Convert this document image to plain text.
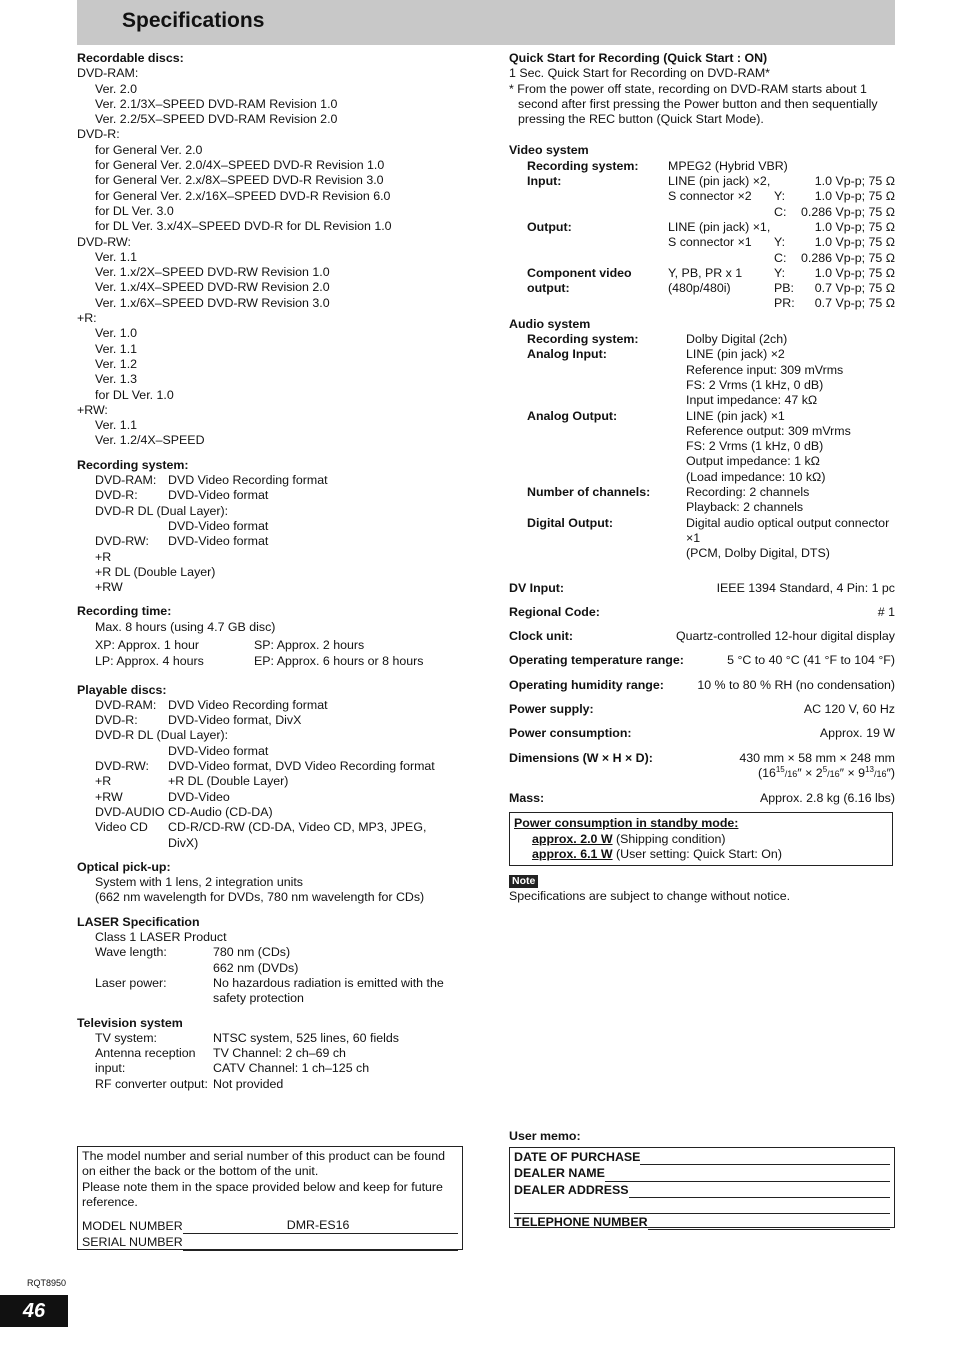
Specifications
Recordable discs:
DVD-RAM:
Ver. 2.0
Ver. 2.1/3X–SPEED DVD-RAM Revision 1.0
Ver. 2.2/5X–SPEED DVD-RAM Revision 2.0
DVD-R:
for General Ver. 2.0
for General Ver. 2.0/4X–SPEED DVD-R Revision 1.0
for General Ver. 2.x/8X–SPEED DVD-R Revision 3.0
for General Ver. 2.x/16X–SPEED DVD-R Revision 6.0
for DL Ver. 3.0
for DL Ver. 3.x/4X–SPEED DVD-R for DL Revision 1.0
DVD-RW:
Ver. 1.1
Ver. 1.x/2X–SPEED DVD-RW Revision 1.0
Ver. 1.x/4X–SPEED DVD-RW Revision 2.0
Ver. 1.x/6X–SPEED DVD-RW Revision 3.0
+R:
Ver. 1.0
Ver. 1.1
Ver. 1.2
Ver. 1.3
for DL Ver. 1.0
+RW:
Ver. 1.1
Ver. 1.2/4X–SPEED
Recording system:
DVD-RAM: DVD Video Recording format
DVD-R:	DVD-Video format
DVD-R DL (Dual Layer):
DVD-Video format
DVD-RW:	DVD-Video format
+R
+R DL (Double Layer)
+RW
Recording time:
Max. 8 hours (using 4.7 GB disc)
XP: Approx. 1 hour	SP: Approx. 2 hours
LP: Approx. 4 hours	EP: Approx. 6 hours or 8 hours
Playable discs:
DVD-RAM: DVD Video Recording format
DVD-R:	DVD-Video format, DivX
DVD-R DL (Dual Layer):
DVD-Video format
DVD-RW:	DVD-Video format, DVD Video Recording format
+R	+R DL (Double Layer)
+RW	DVD-Video
DVD-AUDIO CD-Audio (CD-DA)
Video CD	CD-R/CD-RW (CD-DA, Video CD, MP3, JPEG,
DivX)
Optical pick-up:
System with 1 lens, 2 integration units
(662 nm wavelength for DVDs, 780 nm wavelength for CDs)
LASER Specification
Class 1 LASER Product
Wave length:	780 nm (CDs)
662 nm (DVDs)
Laser power:	No hazardous radiation is emitted with the
safety protection
Television system
TV system:	NTSC system, 525 lines, 60 fields
Antenna reception	TV Channel: 2 ch–69 ch
input:	CATV Channel: 1 ch–125 ch
RF converter output: Not provided
Quick Start for Recording (Quick Start : ON)
1 Sec. Quick Start for Recording on DVD-RAM*
* From the power off state, recording on DVD-RAM starts about 1
second after first pressing the Power button and then sequentially
pressing the REC button (Quick Start Mode).
Video system
Recording system:	MPEG2 (Hybrid VBR)
Input:	LINE (pin jack) ×2,	1.0 Vp-p; 75 Ω
S connector ×2	Y:	1.0 Vp-p; 75 Ω
C:	0.286 Vp-p; 75 Ω
Output:	LINE (pin jack) ×1,	1.0 Vp-p; 75 Ω
S connector ×1	Y:	1.0 Vp-p; 75 Ω
C:	0.286 Vp-p; 75 Ω
Component video	Y, PB, PR x 1	Y:	1.0 Vp-p; 75 Ω
output:	(480p/480i)	PB:	0.7 Vp-p; 75 Ω
PR:	0.7 Vp-p; 75 Ω
Audio system
Recording system:	Dolby Digital (2ch)
Analog Input:	LINE (pin jack) ×2
Reference input: 309 mVrms
FS: 2 Vrms (1 kHz, 0 dB)
Input impedance: 47 kΩ
Analog Output:	LINE (pin jack) ×1
Reference output: 309 mVrms
FS: 2 Vrms (1 kHz, 0 dB)
Output impedance: 1 kΩ
(Load impedance: 10 kΩ)
Number of channels:	Recording: 2 channels
Playback: 2 channels
Digital Output:	Digital audio optical output connector
×1
(PCM, Dolby Digital, DTS)
DV Input:	IEEE 1394 Standard, 4 Pin: 1 pc
Regional Code:	# 1
Clock unit:	Quartz-controlled 12-hour digital display
Operating temperature range:	5 °C to 40 °C (41 °F to 104 °F)
Operating humidity range:	10 % to 80 % RH (no condensation)
Power supply:	AC 120 V, 60 Hz
Power consumption:	Approx. 19 W
Dimensions (W × H × D):	430 mm × 58 mm × 248 mm
$(16^{15}/16'' \times 2^5/16'' \times 9^{13}/16'')$
Mass:	Approx. 2.8 kg (6.16 lbs)
Power consumption in standby mode:
approx. 2.0 W (Shipping condition)
approx. 6.1 W (User setting: Quick Start: On)
Note
Specifications are subject to change without notice.
The model number and serial number of this product can be found
on either the back or the bottom of the unit.
Please note them in the space provided below and keep for future
reference.
MODEL NUMBER	DMR-ES16
SERIAL NUMBER
User memo:
DATE OF PURCHASE
DEALER NAME
DEALER ADDRESS
TELEPHONE NUMBER
RQT8950
46
